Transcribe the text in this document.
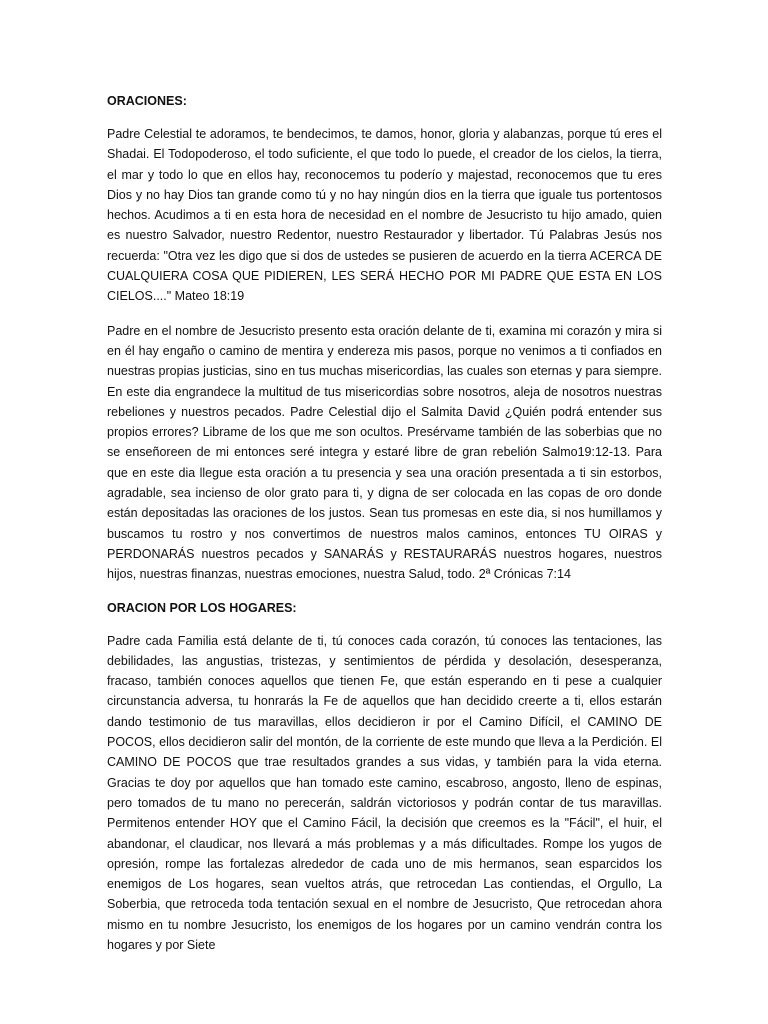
ORACIONES:

Padre Celestial te adoramos, te bendecimos, te damos, honor, gloria y alabanzas, porque tú eres el Shadai. El Todopoderoso, el todo suficiente, el que todo lo puede, el creador de los cielos, la tierra, el mar y todo lo que en ellos hay, reconocemos tu poderío y majestad, reconocemos que tu eres Dios y no hay Dios tan grande como tú y no hay ningún dios en la tierra que iguale tus portentosos hechos. Acudimos a ti en esta hora de necesidad en el nombre de Jesucristo tu hijo amado, quien es nuestro Salvador, nuestro Redentor, nuestro Restaurador y libertador. Tú Palabras Jesús nos recuerda: "Otra vez les digo que si dos de ustedes se pusieren de acuerdo en la tierra ACERCA DE CUALQUIERA COSA QUE PIDIEREN, LES SERÁ HECHO POR MI PADRE QUE ESTA EN LOS CIELOS...." Mateo 18:19

Padre en el nombre de Jesucristo presento esta oración delante de ti, examina mi corazón y mira si en él hay engaño o camino de mentira y endereza mis pasos, porque no venimos a ti confiados en nuestras propias justicias, sino en tus muchas misericordias, las cuales son eternas y para siempre. En este dia engrandece la multitud de tus misericordias sobre nosotros, aleja de nosotros nuestras rebeliones y nuestros pecados. Padre Celestial dijo el Salmita David ¿Quién podrá entender sus propios errores? Librame de los que me son ocultos. Presérvame también de las soberbias que no se enseñoreen de mi entonces seré integra y estaré libre de gran rebelión Salmo19:12-13. Para que en este dia llegue esta oración a tu presencia y sea una oración presentada a ti sin estorbos, agradable, sea incienso de olor grato para ti, y digna de ser colocada en las copas de oro donde están depositadas las oraciones de los justos. Sean tus promesas en este dia, si nos humillamos y buscamos tu rostro y nos convertimos de nuestros malos caminos, entonces TU OIRAS y PERDONARÁS nuestros pecados y SANARÁS y RESTAURARÁS nuestros hogares, nuestros hijos, nuestras finanzas, nuestras emociones, nuestra Salud, todo. 2ª Crónicas 7:14

ORACION POR LOS HOGARES:

Padre cada Familia está delante de ti, tú conoces cada corazón, tú conoces las tentaciones, las debilidades, las angustias, tristezas, y sentimientos de pérdida y desolación, desesperanza, fracaso, también conoces aquellos que tienen Fe, que están esperando en ti pese a cualquier circunstancia adversa, tu honrarás la Fe de aquellos que han decidido creerte a ti, ellos estarán dando testimonio de tus maravillas, ellos decidieron ir por el Camino Difícil, el CAMINO DE POCOS, ellos decidieron salir del montón, de la corriente de este mundo que lleva a la Perdición. El CAMINO DE POCOS que trae resultados grandes a sus vidas, y también para la vida eterna. Gracias te doy por aquellos que han tomado este camino, escabroso, angosto, lleno de espinas, pero tomados de tu mano no perecerán, saldrán victoriosos y podrán contar de tus maravillas. Permitenos entender HOY que el Camino Fácil, la decisión que creemos es la "Fácil", el huir, el abandonar, el claudicar, nos llevará a más problemas y a más dificultades. Rompe los yugos de opresión, rompe las fortalezas alrededor de cada uno de mis hermanos, sean esparcidos los enemigos de Los hogares, sean vueltos atrás, que retrocedan Las contiendas, el Orgullo, La Soberbia, que retroceda toda tentación sexual en el nombre de Jesucristo, Que retrocedan ahora mismo en tu nombre Jesucristo, los enemigos de los hogares por un camino vendrán contra los hogares y por Siete
